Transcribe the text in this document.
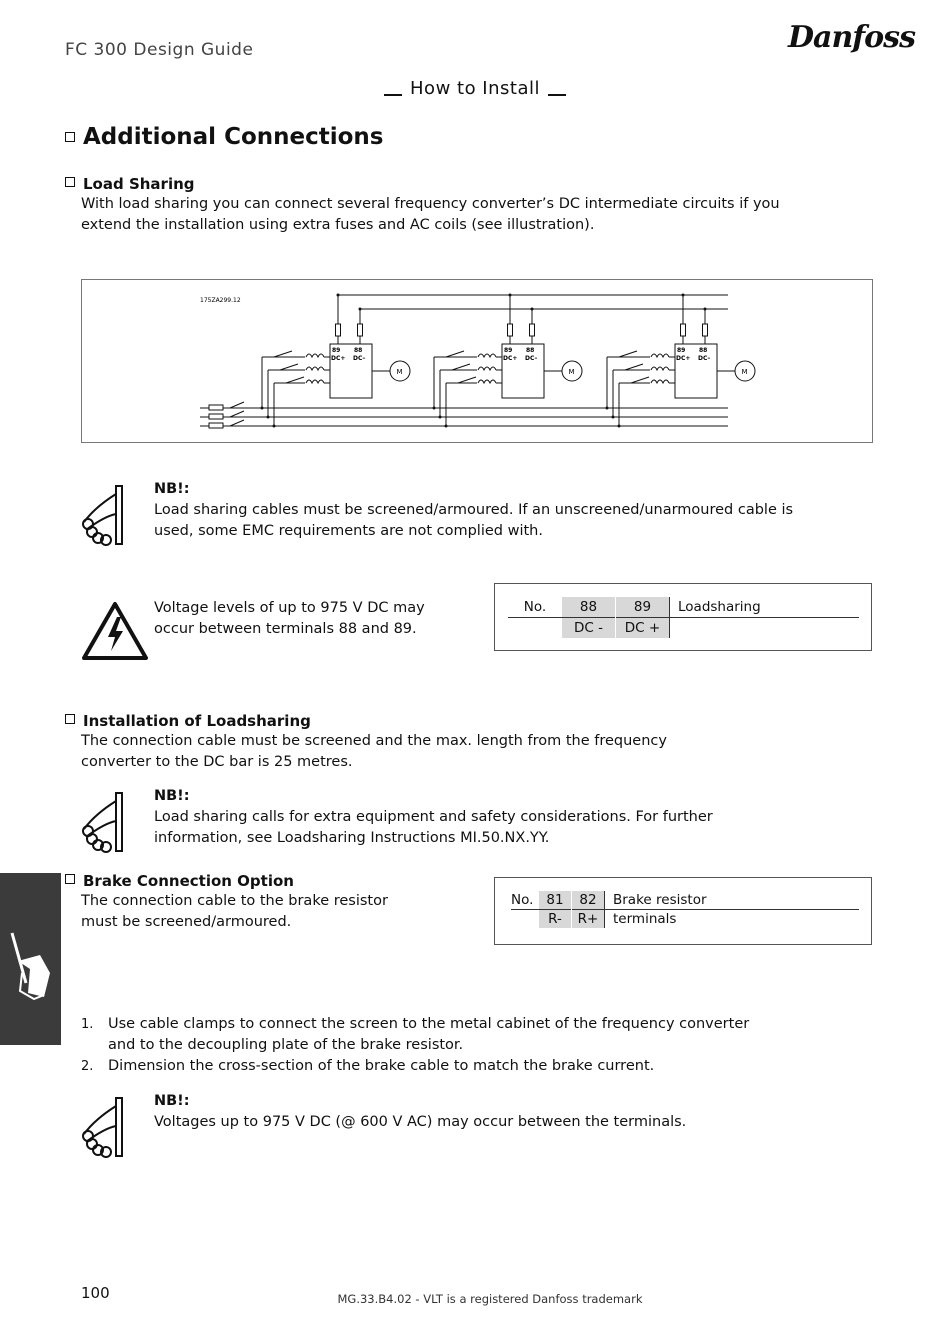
FC 300 Design Guide	Danfoss
How to Install
Additional Connections
Load Sharing
With load sharing you can connect several frequency converter’s DC intermediate circuits if you extend the installation using extra fuses and AC coils (see illustration).
175ZA299.12
89
DC+
88
DC–
M
89
DC+
88
DC–
M
89
DC+
88
DC–
M
NB!:
Load sharing cables must be screened/armoured. If an unscreened/unarmoured cable is used, some EMC requirements are not complied with.
Voltage levels of up to 975 V DC may occur between terminals 88 and 89.
No.	88	89	Loadsharing
	DC -	DC +	
Installation of Loadsharing
The connection cable must be screened and the max. length from the frequency converter to the DC bar is 25 metres.
NB!:
Load sharing calls for extra equipment and safety considerations. For further information, see Loadsharing Instructions MI.50.NX.YY.
Brake Connection Option
The connection cable to the brake resistor must be screened/armoured.
No.	81	82	Brake resistor
	R-	R+	terminals
1.	Use cable clamps to connect the screen to the metal cabinet of the frequency converter and to the decoupling plate of the brake resistor.
2.	Dimension the cross-section of the brake cable to match the brake current.
NB!:
Voltages up to 975 V DC (@ 600 V AC) may occur between the terminals.
100	MG.33.B4.02 - VLT is a registered Danfoss trademark
